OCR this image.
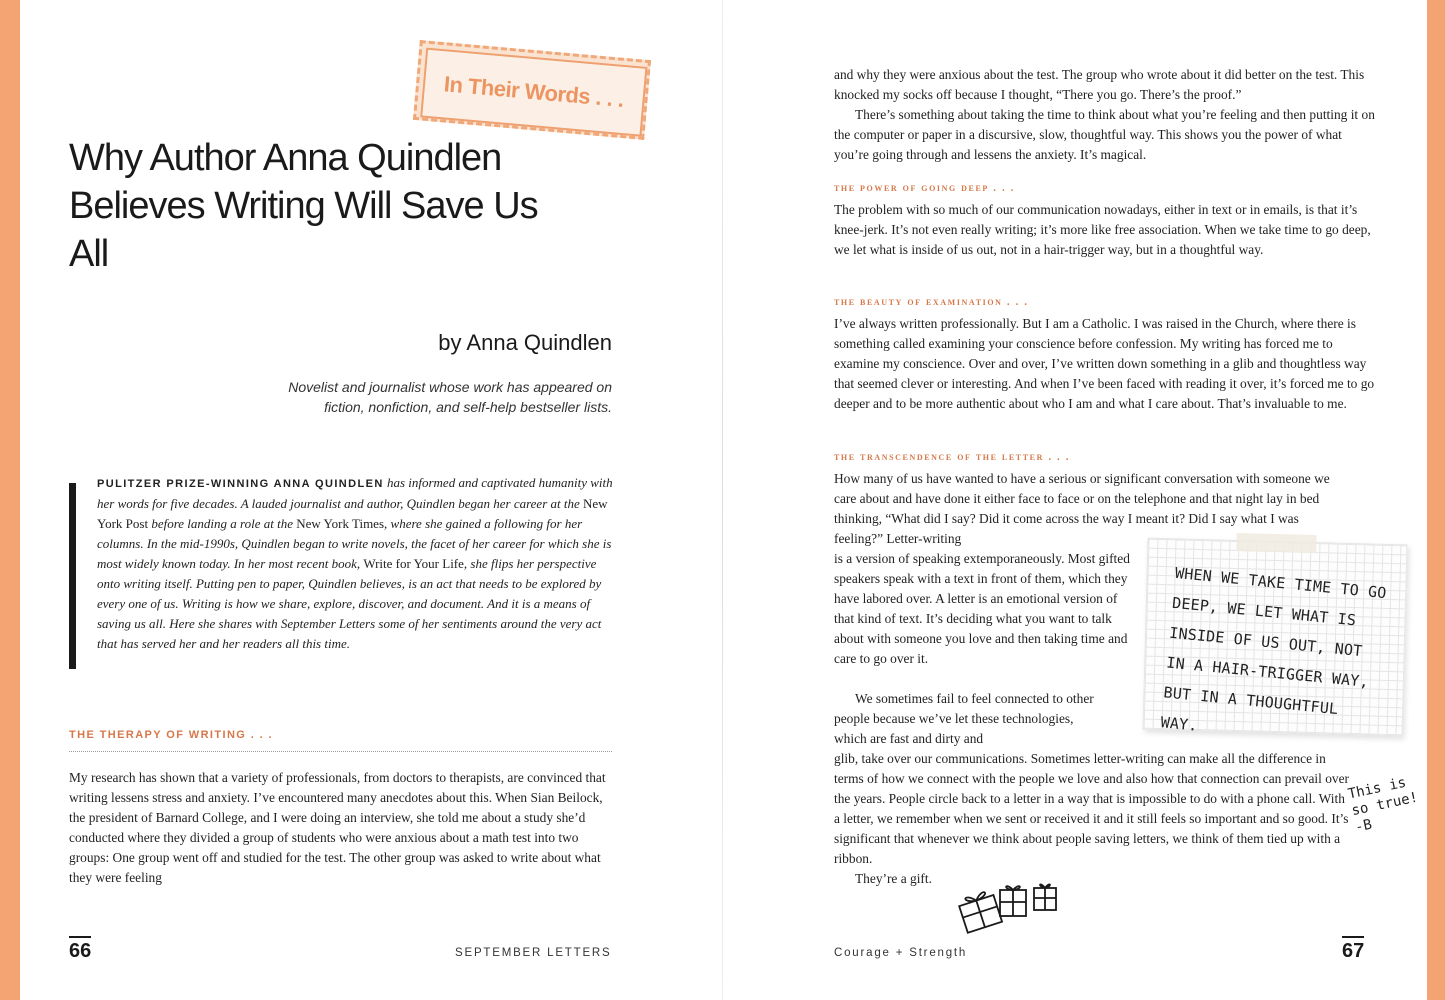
In Their Words . . .
Why Author Anna Quindlen Believes Writing Will Save Us All

by Anna Quindlen

Novelist and journalist whose work has appeared on fiction, nonfiction, and self-help bestseller lists.

PULITZER PRIZE-WINNING ANNA QUINDLEN has informed and captivated humanity with her words for five decades. A lauded journalist and author, Quindlen began her career at the New York Post before landing a role at the New York Times, where she gained a following for her columns. In the mid-1990s, Quindlen began to write novels, the facet of her career for which she is most widely known today. In her most recent book, Write for Your Life, she flips her perspective onto writing itself. Putting pen to paper, Quindlen believes, is an act that needs to be explored by every one of us. Writing is how we share, explore, discover, and document. And it is a means of saving us all. Here she shares with September Letters some of her sentiments around the very act that has served her and her readers all this time.

THE THERAPY OF WRITING . . .

My research has shown that a variety of professionals, from doctors to therapists, are convinced that writing lessens stress and anxiety. I’ve encountered many anecdotes about this. When Sian Beilock, the president of Barnard College, and I were doing an interview, she told me about a study she’d conducted where they divided a group of students who were anxious about a math test into two groups: One group went off and studied for the test. The other group was asked to write about what they were feeling

66	SEPTEMBER LETTERS

and why they were anxious about the test. The group who wrote about it did better on the test. This knocked my socks off because I thought, “There you go. There’s the proof.”

There’s something about taking the time to think about what you’re feeling and then putting it on the computer or paper in a discursive, slow, thoughtful way. This shows you the power of what you’re going through and lessens the anxiety. It’s magical.

the power of going deep . . .

The problem with so much of our communication nowadays, either in text or in emails, is that it’s knee-jerk. It’s not even really writing; it’s more like free association. When we take time to go deep, we let what is inside of us out, not in a hair-trigger way, but in a thoughtful way.

the beauty of examination . . .

I’ve always written professionally. But I am a Catholic. I was raised in the Church, where there is something called examining your conscience before confession. My writing has forced me to examine my conscience. Over and over, I’ve written down something in a glib and thoughtless way that seemed clever or interesting. And when I’ve been faced with reading it over, it’s forced me to go deeper and to be more authentic about who I am and what I care about. That’s invaluable to me.

the transcendence of the letter . . .

How many of us have wanted to have a serious or significant conversation with someone we care about and have done it either face to face or on the telephone and that night lay in bed thinking, “What did I say? Did it come across the way I meant it? Did I say what I was feeling?” Letter-writing

is a version of speaking extemporaneously. Most gifted speakers speak with a text in front of them, which they have labored over. A letter is an emotional version of that kind of text. It’s deciding what you want to talk about with someone you love and then taking time and care to go over it.

We sometimes fail to feel connected to other people because we’ve let these technologies, which are fast and dirty and

glib, take over our communications. Sometimes letter-writing can make all the difference in terms of how we connect with the people we love and also how that connection can prevail over the years. People circle back to a letter in a way that is impossible to do with a phone call. With a letter, we remember when we sent or received it and it still feels so important and so good. It’s significant that whenever we think about people saving letters, we think of them tied up with a ribbon.

They’re a gift.

67
Courage + Strength

WHEN WE TAKE TIME TO GO DEEP, WE LET WHAT IS INSIDE OF US OUT, NOT IN A HAIR-TRIGGER WAY, BUT IN A THOUGHTFUL WAY.

This is so true! -B
